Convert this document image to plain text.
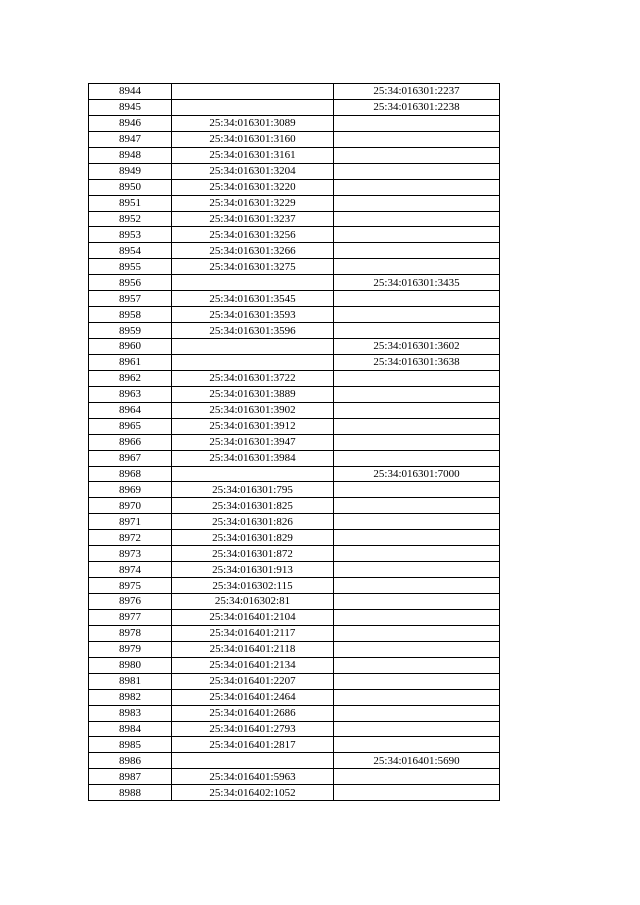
8944		25:34:016301:2237
8945		25:34:016301:2238
8946	25:34:016301:3089	
8947	25:34:016301:3160	
8948	25:34:016301:3161	
8949	25:34:016301:3204	
8950	25:34:016301:3220	
8951	25:34:016301:3229	
8952	25:34:016301:3237	
8953	25:34:016301:3256	
8954	25:34:016301:3266	
8955	25:34:016301:3275	
8956		25:34:016301:3435
8957	25:34:016301:3545	
8958	25:34:016301:3593	
8959	25:34:016301:3596	
8960		25:34:016301:3602
8961		25:34:016301:3638
8962	25:34:016301:3722	
8963	25:34:016301:3889	
8964	25:34:016301:3902	
8965	25:34:016301:3912	
8966	25:34:016301:3947	
8967	25:34:016301:3984	
8968		25:34:016301:7000
8969	25:34:016301:795	
8970	25:34:016301:825	
8971	25:34:016301:826	
8972	25:34:016301:829	
8973	25:34:016301:872	
8974	25:34:016301:913	
8975	25:34:016302:115	
8976	25:34:016302:81	
8977	25:34:016401:2104	
8978	25:34:016401:2117	
8979	25:34:016401:2118	
8980	25:34:016401:2134	
8981	25:34:016401:2207	
8982	25:34:016401:2464	
8983	25:34:016401:2686	
8984	25:34:016401:2793	
8985	25:34:016401:2817	
8986		25:34:016401:5690
8987	25:34:016401:5963	
8988	25:34:016402:1052	
